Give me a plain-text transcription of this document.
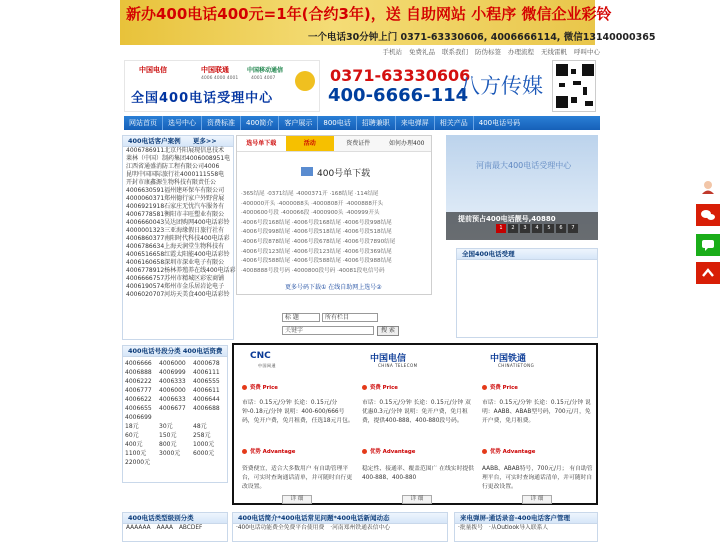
新办400电话400元=1年(合约3年)，送 自助网站 小程序 微信企业彩铃
一个电话30分钟上门 0371-63330606, 4006666114, 微信13140000365
手机站 免费礼品 联系我们 防伪标签 办理流程 无线雷帆 呼叫中心
中国电信	中国联通	中国移动通信
4006 4000 4001	4001 4007
全国400电话受理中心
0371-63330606
400-6666-114
八方传媒
网站首页	选号中心	资费标准	400简介	客户展示	800电话	招聘兼职	来电弹屏	相关产品	400电话号码
400电话客户案例 更多>>

4006786911北京丹阳展现信息技术

莱林（中国）制药集团4006008951电

江西省通盛消防工程有限公司4006

昆明中国国际旅行社4000111558电

开封市康鑫源生物科技有限责任公

4006630591福州建环保车有限公司

4000060371郑州德行家户外野营展

4006921918石家庄无忧汽车服务有

4006778581衡阳市丰旺塑业有限公

4006660043吴达团购网400电话彩铃

4000001323三亚海缘假日旅行社有

4006860377南阳时代科技400电话彩

4006786634上海天润堂生物科技有

4006516658红霞太阳能400电话彩铃

4006160658深圳市深业电子有限公

4006778912杨林养殖养在线400电话彩

4006666757苏州市精城区彩宏商铺

4006190574郑州市金乐居岩论电子

4006020707河坊天美食400电话彩铃

选号单下载	活动	资费证件	如何办理400
400号单下载

·365结尾 ·0371结尾 ·4000371开 ·168结尾 ·114结尾

·400000开头 ·4000088头 ·4000808开 ·4000888开头

·4000600号段 ·400066段 ·4000900头 ·400999开头

·4006号段168结尾 ·4006号段168结尾 ·4006号段998结尾

·4006号段998结尾 ·4006号段518结尾 ·4006号段518结尾

·4006号段878结尾 ·4006号段678结尾 ·4006号段7890结尾

·4006号段123结尾 ·4006号段123结尾 ·4006号段369结尾

·4006号段588结尾 ·4006号段588结尾 ·4006号段988结尾

·4008888号段号码 ·4000800段号码 ·40081段电信号码

更多号码下载① 在线自助网上选号②
河南最大400电话受理中心
提前预占400电话靓号,40880
1	2	3	4	5	6	7
全国400电话受理
标 题	所有栏目
关键字	搜 索
400电话号段分类 400电话资费
4006666	4006000	4000678
4006888	4006999	4006111
4006222	4006333	4006555
4006777	4006000	4006611
4006622	4006633	4006644
4006655	4006677	4006688
4006699		
18元	30元	48元
60元	150元	258元
400元	800元	1000元
1100元	3000元	6000元
22000元		
CNC
中国网通
资费 Price
市话：0.15元/分钟 长途：0.15元/分钟-0.18元/分钟 说明：400-600/666号码，免开户费，免月租费，任选18元月包。
优势 Advantage
资费便宜，适合大多数用户 有自助管理平台，可实时查询通话清单，并可随时自行更改设置。
详 细
中国电信
CHINA TELECOM
资费 Price
市话：0.15元/分钟 长途：0.15元/分钟 双优惠0.3元/分钟 说明：免开户费，免月租费，提供400-888、400-880段号码。
优势 Advantage
稳定性、接通率、覆盖范围广 在线实时提供400-888、400-880
详 细
中国铁通
CHINATIETONG
资费 Price
市话：0.15元/分钟 长途：0.15元/分钟 说明：AABB、ABAB型号码，700元/月，免开户费，免月租费。
优势 Advantage
AABB、ABAB特号，700元/月； 有自助管理平台，可实时查询通话清单，并可随时自行更改设置。
详 细
400电话类型级别分类
AAAAAA AAAA ABCDEF
400电话简介*400电话常见问题*400电话新闻动态
·400电话功能费全免费平台使用费 ·河南郑州铁通表信中心
来电弹屏-通话录音-400电话客户管理
·批量拨号 ·从Outlook导入联系人
